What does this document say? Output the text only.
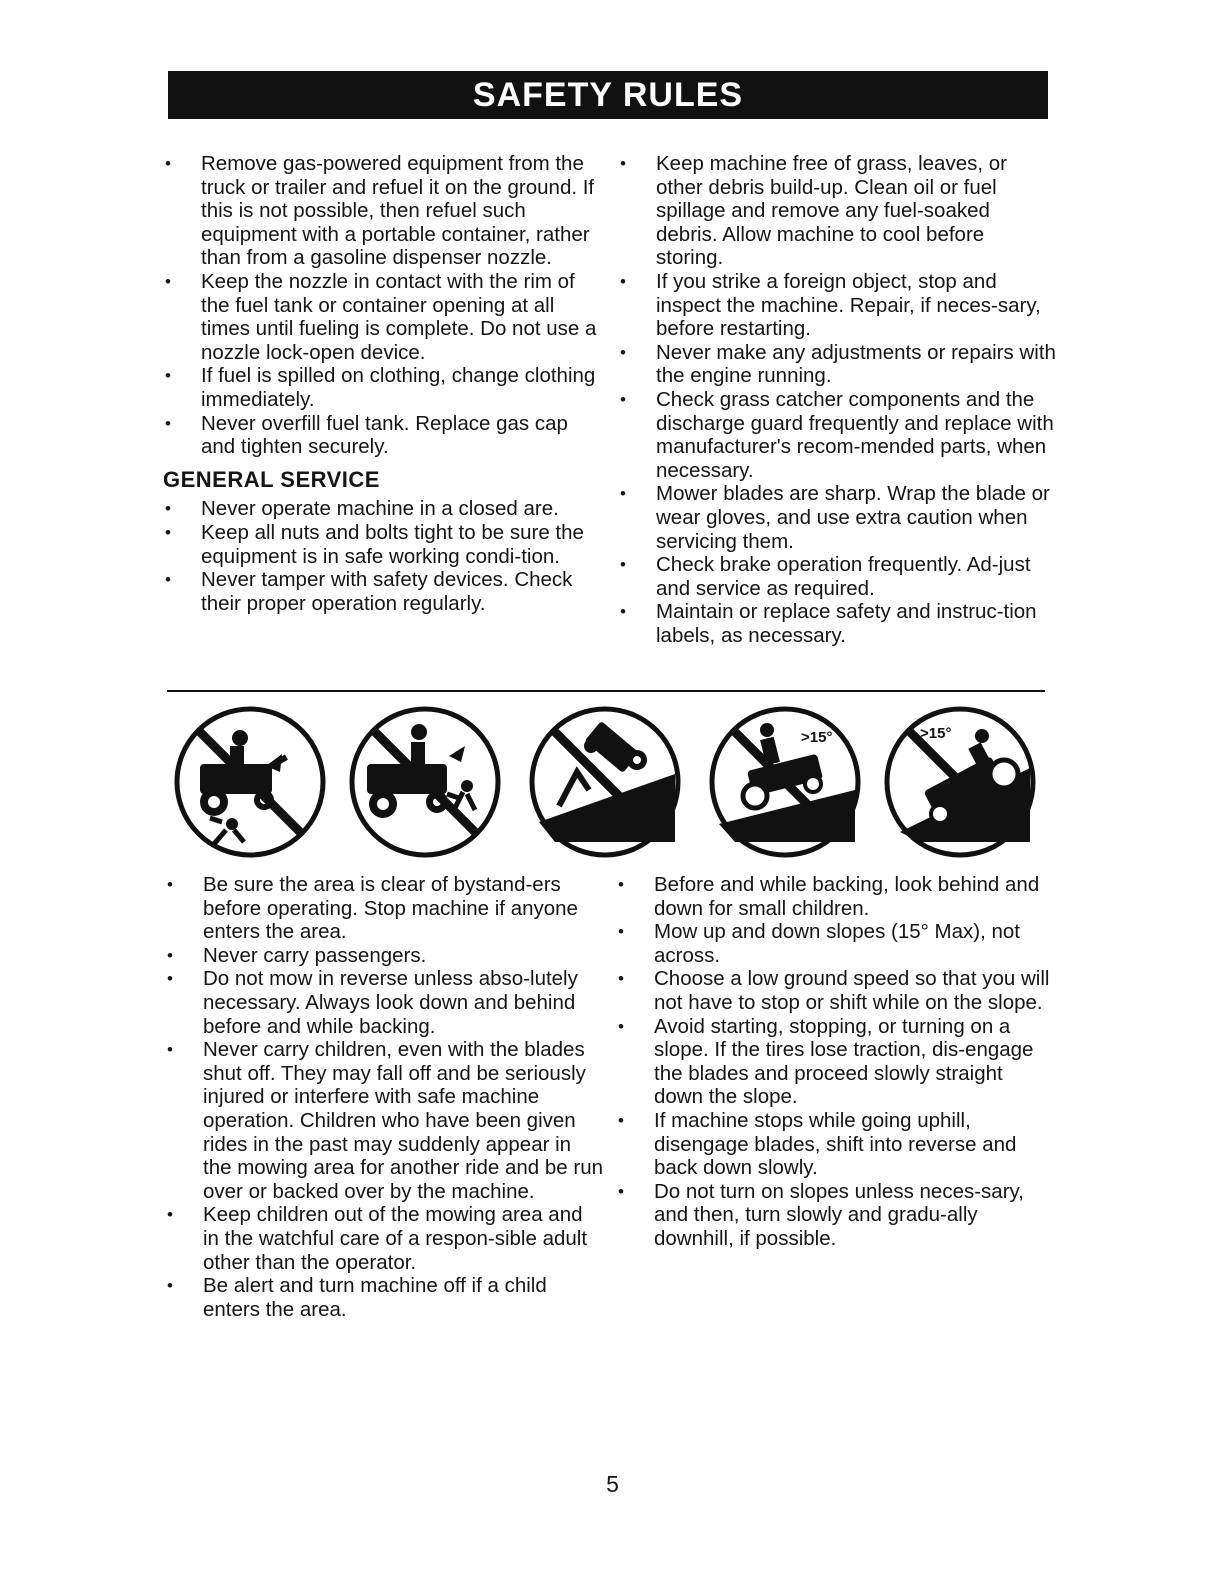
SAFETY RULES
• Remove gas-powered equipment from the truck or trailer and refuel it on the ground. If this is not possible, then refuel such equipment with a portable container, rather than from a gasoline dispenser nozzle.
• Keep the nozzle in contact with the rim of the fuel tank or container opening at all times until fueling is complete. Do not use a nozzle lock-open device.
• If fuel is spilled on clothing, change clothing immediately.
• Never overfill fuel tank. Replace gas cap and tighten securely.
GENERAL SERVICE
• Never operate machine in a closed are.
• Keep all nuts and bolts tight to be sure the equipment is in safe working condi-tion.
• Never tamper with safety devices. Check their proper operation regularly.
• Keep machine free of grass, leaves, or other debris build-up. Clean oil or fuel spillage and remove any fuel-soaked debris. Allow machine to cool before storing.
• If you strike a foreign object, stop and inspect the machine. Repair, if neces-sary, before restarting.
• Never make any adjustments or repairs with the engine running.
• Check grass catcher components and the discharge guard frequently and replace with manufacturer's recom-mended parts, when necessary.
• Mower blades are sharp. Wrap the blade or wear gloves, and use extra caution when servicing them.
• Check brake operation frequently. Ad-just and service as required.
• Maintain or replace safety and instruc-tion labels, as necessary.
>15°	>15°
• Be sure the area is clear of bystand-ers before operating. Stop machine if anyone enters the area.
• Never carry passengers.
• Do not mow in reverse unless abso-lutely necessary. Always look down and behind before and while backing.
• Never carry children, even with the blades shut off. They may fall off and be seriously injured or interfere with safe machine operation. Children who have been given rides in the past may suddenly appear in the mowing area for another ride and be run over or backed over by the machine.
• Keep children out of the mowing area and in the watchful care of a respon-sible adult other than the operator.
• Be alert and turn machine off if a child enters the area.
• Before and while backing, look behind and down for small children.
• Mow up and down slopes (15° Max), not across.
• Choose a low ground speed so that you will not have to stop or shift while on the slope.
• Avoid starting, stopping, or turning on a slope. If the tires lose traction, dis-engage the blades and proceed slowly straight down the slope.
• If machine stops while going uphill, disengage blades, shift into reverse and back down slowly.
• Do not turn on slopes unless neces-sary, and then, turn slowly and gradu-ally downhill, if possible.
5
